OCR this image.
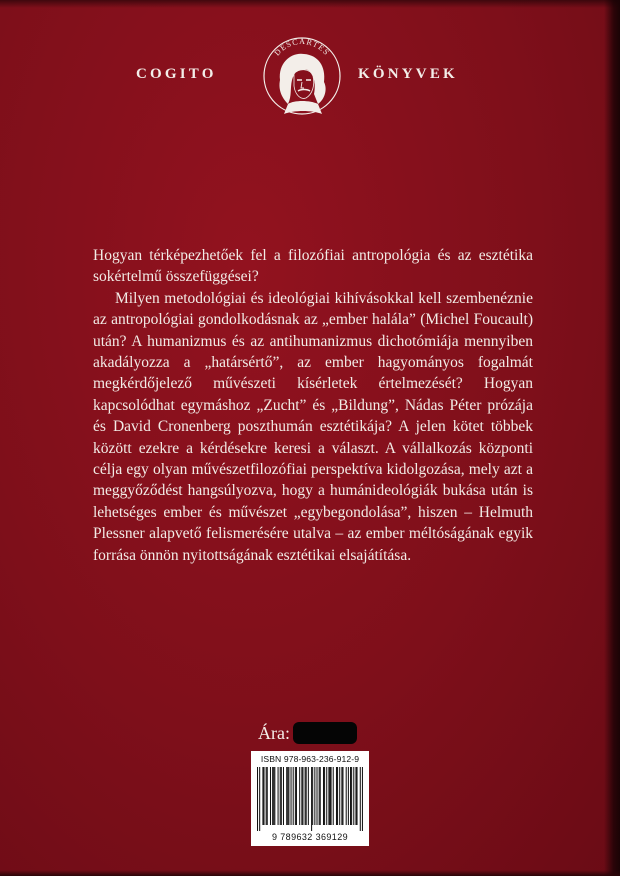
COGITO
DESCARTES
KÖNYVEK

Hogyan térképezhetőek fel a filozófiai antropológia és az esztétika sokértelmű összefüggései?

Milyen metodológiai és ideológiai kihívásokkal kell szembenéznie az antropológiai gondolkodásnak az „ember halála” (Michel Foucault) után? A humanizmus és az antihumanizmus dichotómiája mennyiben akadályozza a „határsértő”, az ember hagyományos fogalmát megkérdőjelező művészeti kísérletek értelmezését? Hogyan kapcsolódhat egymáshoz „Zucht” és „Bildung”, Nádas Péter prózája és David Cronenberg poszthumán esztétikája? A jelen kötet többek között ezekre a kérdésekre keresi a választ. A vállalkozás központi célja egy olyan művészetfilozófiai perspektíva kidolgozása, mely azt a meggyőződést hangsúlyozva, hogy a humánideológiák bukása után is lehetséges ember és művészet „egybegondolása”, hiszen – Helmuth Plessner alapvető felismerésére utalva – az ember méltóságának egyik forrása önnön nyitottságának esztétikai elsajátítása.

Ára:
ISBN 978-963-236-912-9
9 789632 369129
